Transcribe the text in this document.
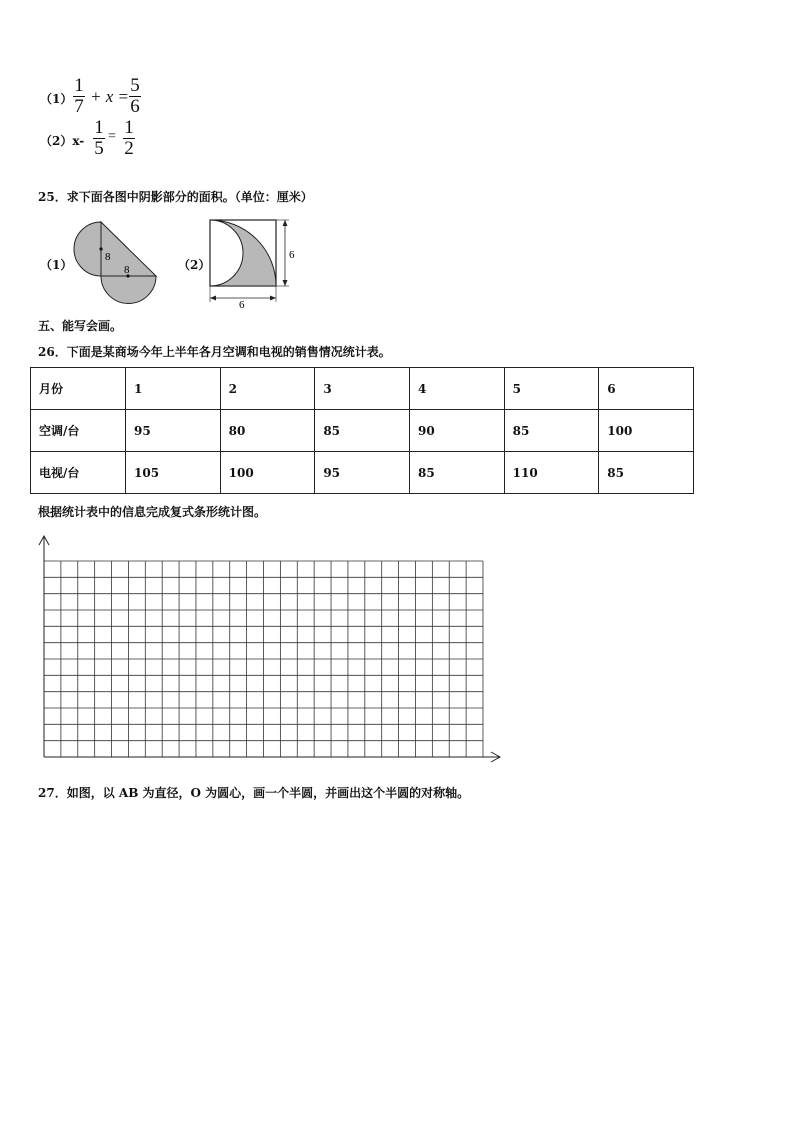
（1）
1
7 + x =
5
6
（2）x-
1
5
= 1
2
25．求下面各图中阴影部分的面积。（单位：厘米）
（1）
8
8	（2）
6
6
五、能写会画。
26．下面是某商场今年上半年各月空调和电视的销售情况统计表。
月份	1	2	3	4	5	6
空调/台	95	80	85	90	85	100
电视/台	105	100	95	85	110	85
根据统计表中的信息完成复式条形统计图。
27．如图，以 AB 为直径，O 为圆心，画一个半圆，并画出这个半圆的对称轴。
